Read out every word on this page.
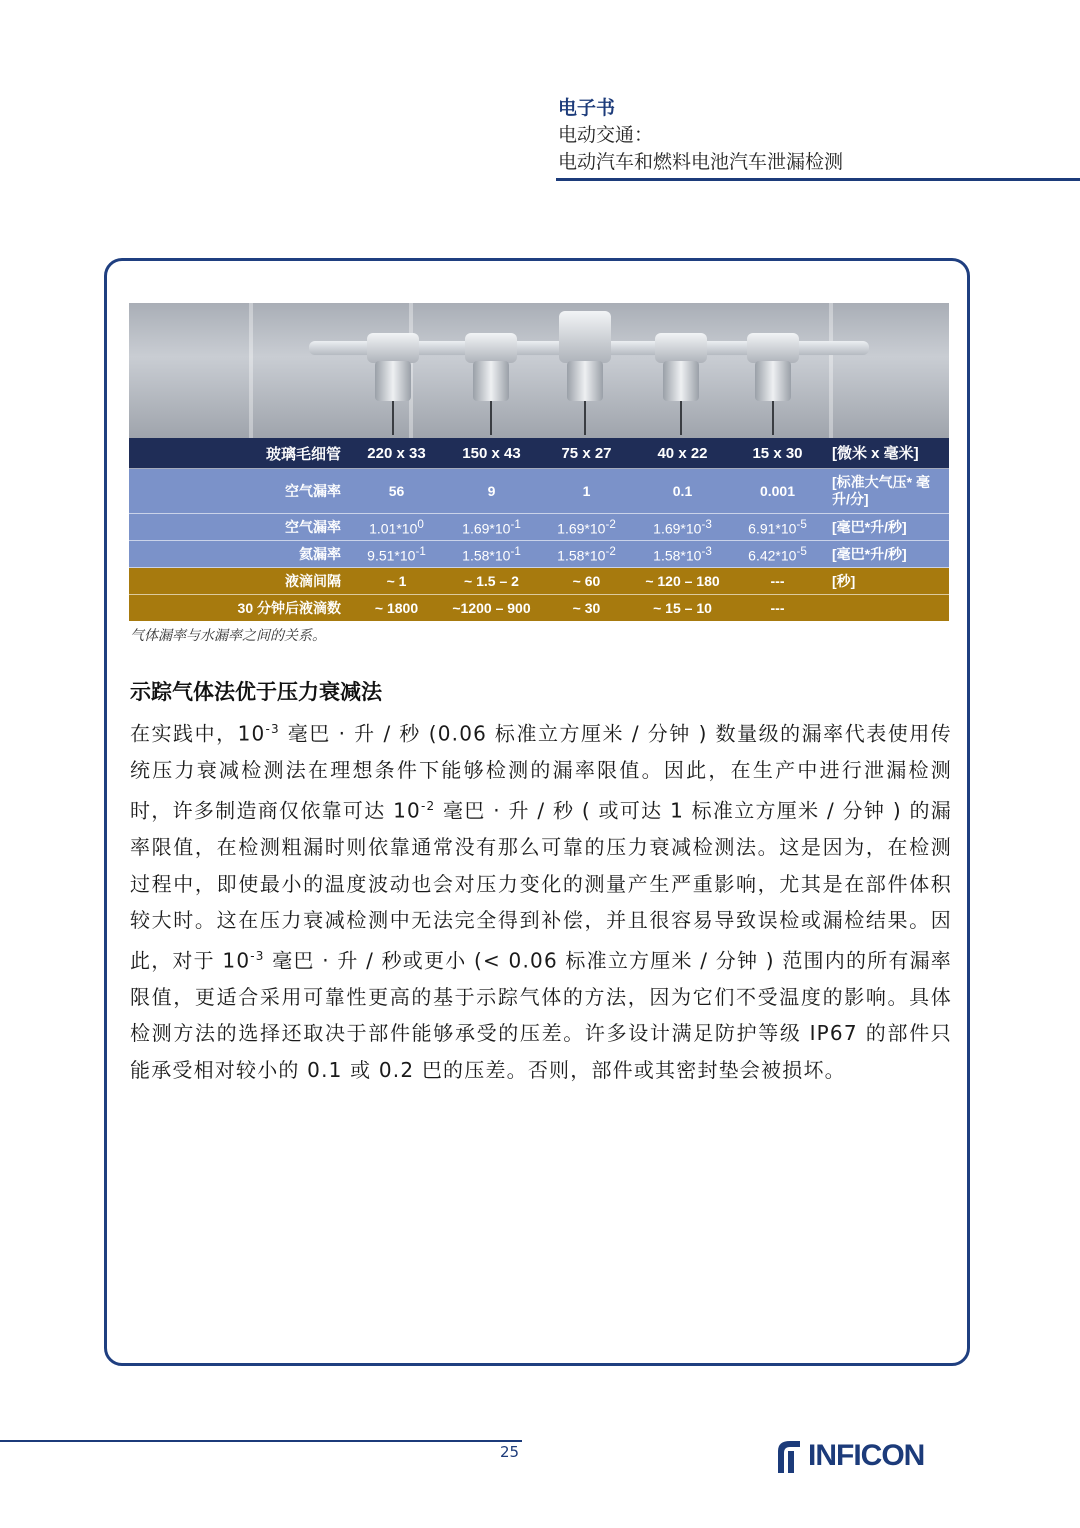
电子书
电动交通：
电动汽车和燃料电池汽车泄漏检测
玻璃毛细管	220 x 33	150 x 43	75 x 27	40 x 22	15 x 30	[微米 x 毫米]
空气漏率	56	9	1	0.1	0.001	[标准大气压* 毫升/分]
空气漏率	$1.01*10^0$	$1.69*10^{-1}$	$1.69*10^{-2}$	$1.69*10^{-3}$	$6.91*10^{-5}$	[毫巴*升/秒]
氦漏率	$9.51*10^{-1}$	$1.58*10^{-1}$	$1.58*10^{-2}$	$1.58*10^{-3}$	$6.42*10^{-5}$	[毫巴*升/秒]
液滴间隔	~ 1	~ 1.5 – 2	~ 60	~ 120 – 180	---	[秒]
30 分钟后液滴数	~ 1800	~1200 – 900	~ 30	~ 15 – 10	---	
气体漏率与水漏率之间的关系。
示踪气体法优于压力衰减法

在实践中，$10^{-3}$ 毫巴 · 升 / 秒 (0.06 标准立方厘米 / 分钟 ) 数量级的漏率代表使用传统压力衰减检测法在理想条件下能够检测的漏率限值。因此，在生产中进行泄漏检测时，许多制造商仅依靠可达 $10^{-2}$ 毫巴 · 升 / 秒 ( 或可达 1 标准立方厘米 / 分钟 ) 的漏率限值，在检测粗漏时则依靠通常没有那么可靠的压力衰减检测法。这是因为，在检测过程中，即使最小的温度波动也会对压力变化的测量产生严重影响，尤其是在部件体积较大时。这在压力衰减检测中无法完全得到补偿，并且很容易导致误检或漏检结果。因此，对于 $10^{-3}$ 毫巴 · 升 / 秒或更小 (< 0.06 标准立方厘米 / 分钟 ) 范围内的所有漏率限值，更适合采用可靠性更高的基于示踪气体的方法，因为它们不受温度的影响。具体检测方法的选择还取决于部件能够承受的压差。许多设计满足防护等级 IP67 的部件只能承受相对较小的 0.1 或 0.2 巴的压差。否则，部件或其密封垫会被损坏。

25	INFICON
